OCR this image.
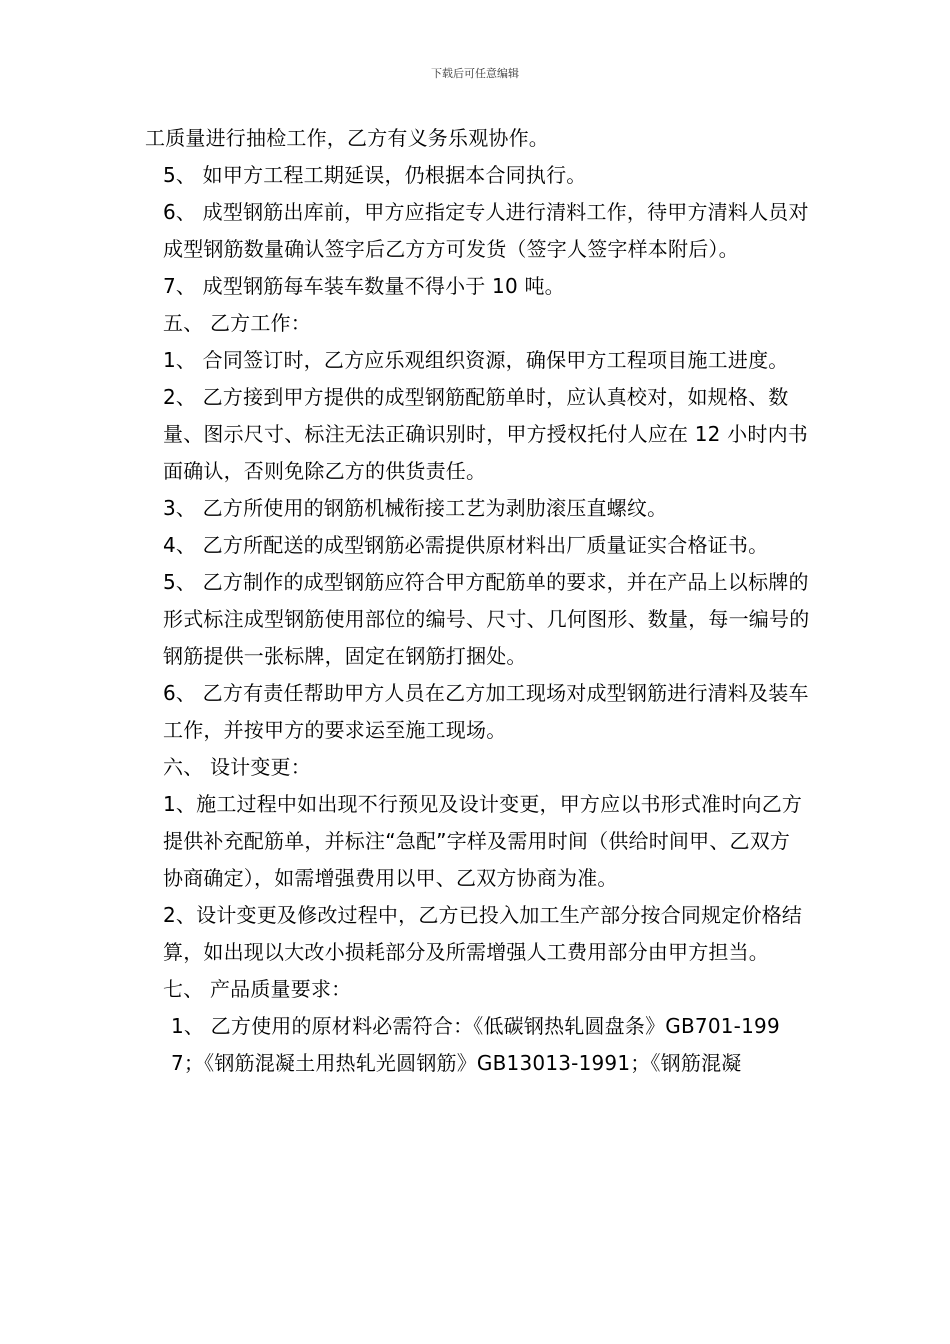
下载后可任意编辑

工质量进行抽检工作，乙方有义务乐观协作。

5、 如甲方工程工期延误，仍根据本合同执行。

6、 成型钢筋出库前，甲方应指定专人进行清料工作，待甲方清料人员对成型钢筋数量确认签字后乙方方可发货（签字人签字样本附后）。

7、 成型钢筋每车装车数量不得小于 10 吨。

五、 乙方工作：

1、 合同签订时，乙方应乐观组织资源，确保甲方工程项目施工进度。

2、 乙方接到甲方提供的成型钢筋配筋单时，应认真校对，如规格、数量、图示尺寸、标注无法正确识别时，甲方授权托付人应在 12 小时内书面确认，否则免除乙方的供货责任。

3、 乙方所使用的钢筋机械衔接工艺为剥肋滚压直螺纹。

4、 乙方所配送的成型钢筋必需提供原材料出厂质量证实合格证书。

5、 乙方制作的成型钢筋应符合甲方配筋单的要求，并在产品上以标牌的形式标注成型钢筋使用部位的编号、尺寸、几何图形、数量，每一编号的钢筋提供一张标牌，固定在钢筋打捆处。

6、 乙方有责任帮助甲方人员在乙方加工现场对成型钢筋进行清料及装车工作，并按甲方的要求运至施工现场。

六、 设计变更：

1、施工过程中如出现不行预见及设计变更，甲方应以书形式准时向乙方提供补充配筋单，并标注“急配”字样及需用时间（供给时间甲、乙双方协商确定），如需增强费用以甲、乙双方协商为准。

2、设计变更及修改过程中，乙方已投入加工生产部分按合同规定价格结算，如出现以大改小损耗部分及所需增强人工费用部分由甲方担当。

七、 产品质量要求：

1、 乙方使用的原材料必需符合：《低碳钢热轧圆盘条》GB701-1997；《钢筋混凝土用热轧光圆钢筋》GB13013-1991；《钢筋混凝
